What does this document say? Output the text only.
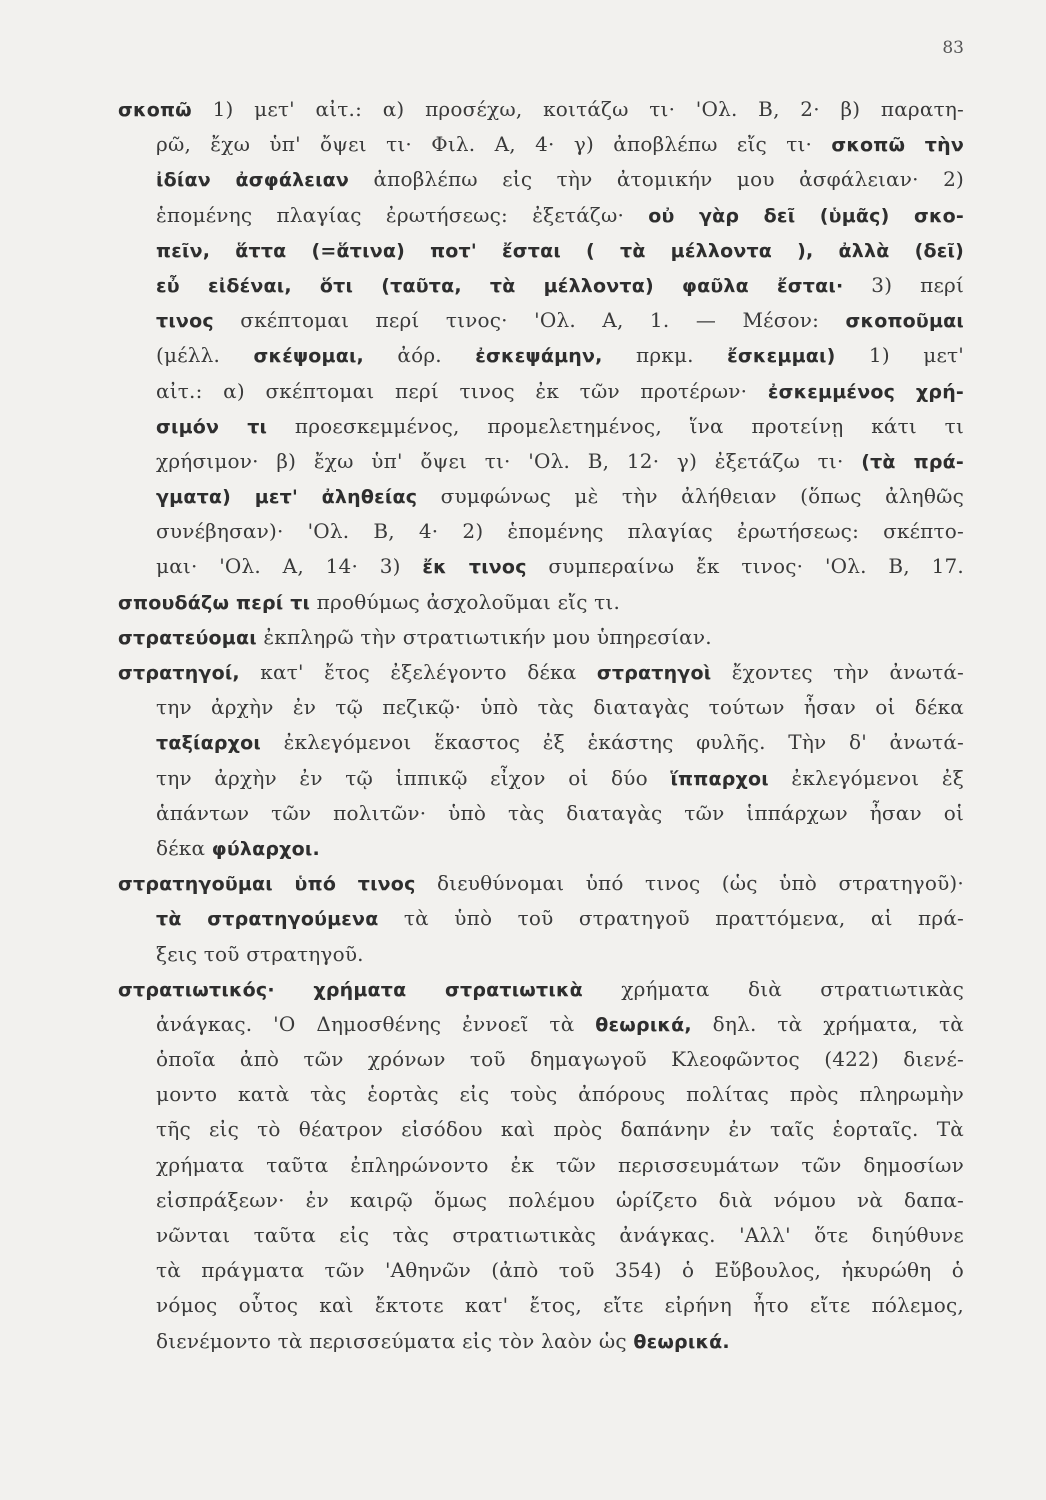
83
σκοπῶ 1) μετ' αἰτ.: α) προσέχω, κοιτάζω τι· 'Ολ. Β, 2· β) παρατη-
ρῶ, ἔχω ὑπ' ὄψει τι· Φιλ. Α, 4· γ) ἀποβλέπω εἴς τι· σκοπῶ τὴν
ἰδίαν ἀσφάλειαν ἀποβλέπω εἰς τὴν ἀτομικήν μου ἀσφάλειαν· 2)
ἑπομένης πλαγίας ἐρωτήσεως: ἐξετάζω· οὐ γὰρ δεῖ (ὑμᾶς) σκο-
πεῖν, ἅττα (=ἅτινα) ποτ' ἔσται ( τὰ μέλλοντα ), ἀλλὰ (δεῖ)
εὖ εἰδέναι, ὅτι (ταῦτα, τὰ μέλλοντα) φαῦλα ἔσται· 3) περί
τινος σκέπτομαι περί τινος· 'Ολ. Α, 1. — Μέσον: σκοποῦμαι
(μέλλ. σκέψομαι, ἀόρ. ἐσκεψάμην, πρκμ. ἔσκεμμαι) 1) μετ'
αἰτ.: α) σκέπτομαι περί τινος ἐκ τῶν προτέρων· ἐσκεμμένος χρή-
σιμόν τι προεσκεμμένος, προμελετημένος, ἵνα προτείνῃ κάτι τι
χρήσιμον· β) ἔχω ὑπ' ὄψει τι· 'Ολ. Β, 12· γ) ἐξετάζω τι· (τὰ πρά-
γματα) μετ' ἀληθείας συμφώνως μὲ τὴν ἀλήθειαν (ὅπως ἀληθῶς
συνέβησαν)· 'Ολ. Β, 4· 2) ἑπομένης πλαγίας ἐρωτήσεως: σκέπτο-
μαι· 'Ολ. Α, 14· 3) ἔκ τινος συμπεραίνω ἔκ τινος· 'Ολ. Β, 17.
σπουδάζω περί τι προθύμως ἀσχολοῦμαι εἴς τι.
στρατεύομαι ἐκπληρῶ τὴν στρατιωτικήν μου ὑπηρεσίαν.
στρατηγοί, κατ' ἔτος ἐξελέγοντο δέκα στρατηγοὶ ἔχοντες τὴν ἀνωτά-
την ἀρχὴν ἐν τῷ πεζικῷ· ὑπὸ τὰς διαταγὰς τούτων ἦσαν οἱ δέκα
ταξίαρχοι ἐκλεγόμενοι ἕκαστος ἐξ ἑκάστης φυλῆς. Τὴν δ' ἀνωτά-
την ἀρχὴν ἐν τῷ ἱππικῷ εἶχον οἱ δύο ἵππαρχοι ἐκλεγόμενοι ἐξ
ἁπάντων τῶν πολιτῶν· ὑπὸ τὰς διαταγὰς τῶν ἱππάρχων ἦσαν οἱ
δέκα φύλαρχοι.
στρατηγοῦμαι ὑπό τινος διευθύνομαι ὑπό τινος (ὡς ὑπὸ στρατηγοῦ)·
τὰ στρατηγούμενα τὰ ὑπὸ τοῦ στρατηγοῦ πραττόμενα, αἱ πρά-
ξεις τοῦ στρατηγοῦ.
στρατιωτικός· χρήματα στρατιωτικὰ χρήματα διὰ στρατιωτικὰς
ἀνάγκας. 'Ο Δημοσθένης ἐννοεῖ τὰ θεωρικά, δηλ. τὰ χρήματα, τὰ
ὁποῖα ἀπὸ τῶν χρόνων τοῦ δημαγωγοῦ Κλεοφῶντος (422) διενέ-
μοντο κατὰ τὰς ἑορτὰς εἰς τοὺς ἀπόρους πολίτας πρὸς πληρωμὴν
τῆς εἰς τὸ θέατρον εἰσόδου καὶ πρὸς δαπάνην ἐν ταῖς ἑορταῖς. Τὰ
χρήματα ταῦτα ἐπληρώνοντο ἐκ τῶν περισσευμάτων τῶν δημοσίων
εἰσπράξεων· ἐν καιρῷ ὅμως πολέμου ὡρίζετο διὰ νόμου νὰ δαπα-
νῶνται ταῦτα εἰς τὰς στρατιωτικὰς ἀνάγκας. 'Αλλ' ὅτε διηύθυνε
τὰ πράγματα τῶν 'Αθηνῶν (ἀπὸ τοῦ 354) ὁ Εὔβουλος, ἠκυρώθη ὁ
νόμος οὗτος καὶ ἔκτοτε κατ' ἔτος, εἴτε εἰρήνη ἦτο εἴτε πόλεμος,
διενέμοντο τὰ περισσεύματα εἰς τὸν λαὸν ὡς θεωρικά.
